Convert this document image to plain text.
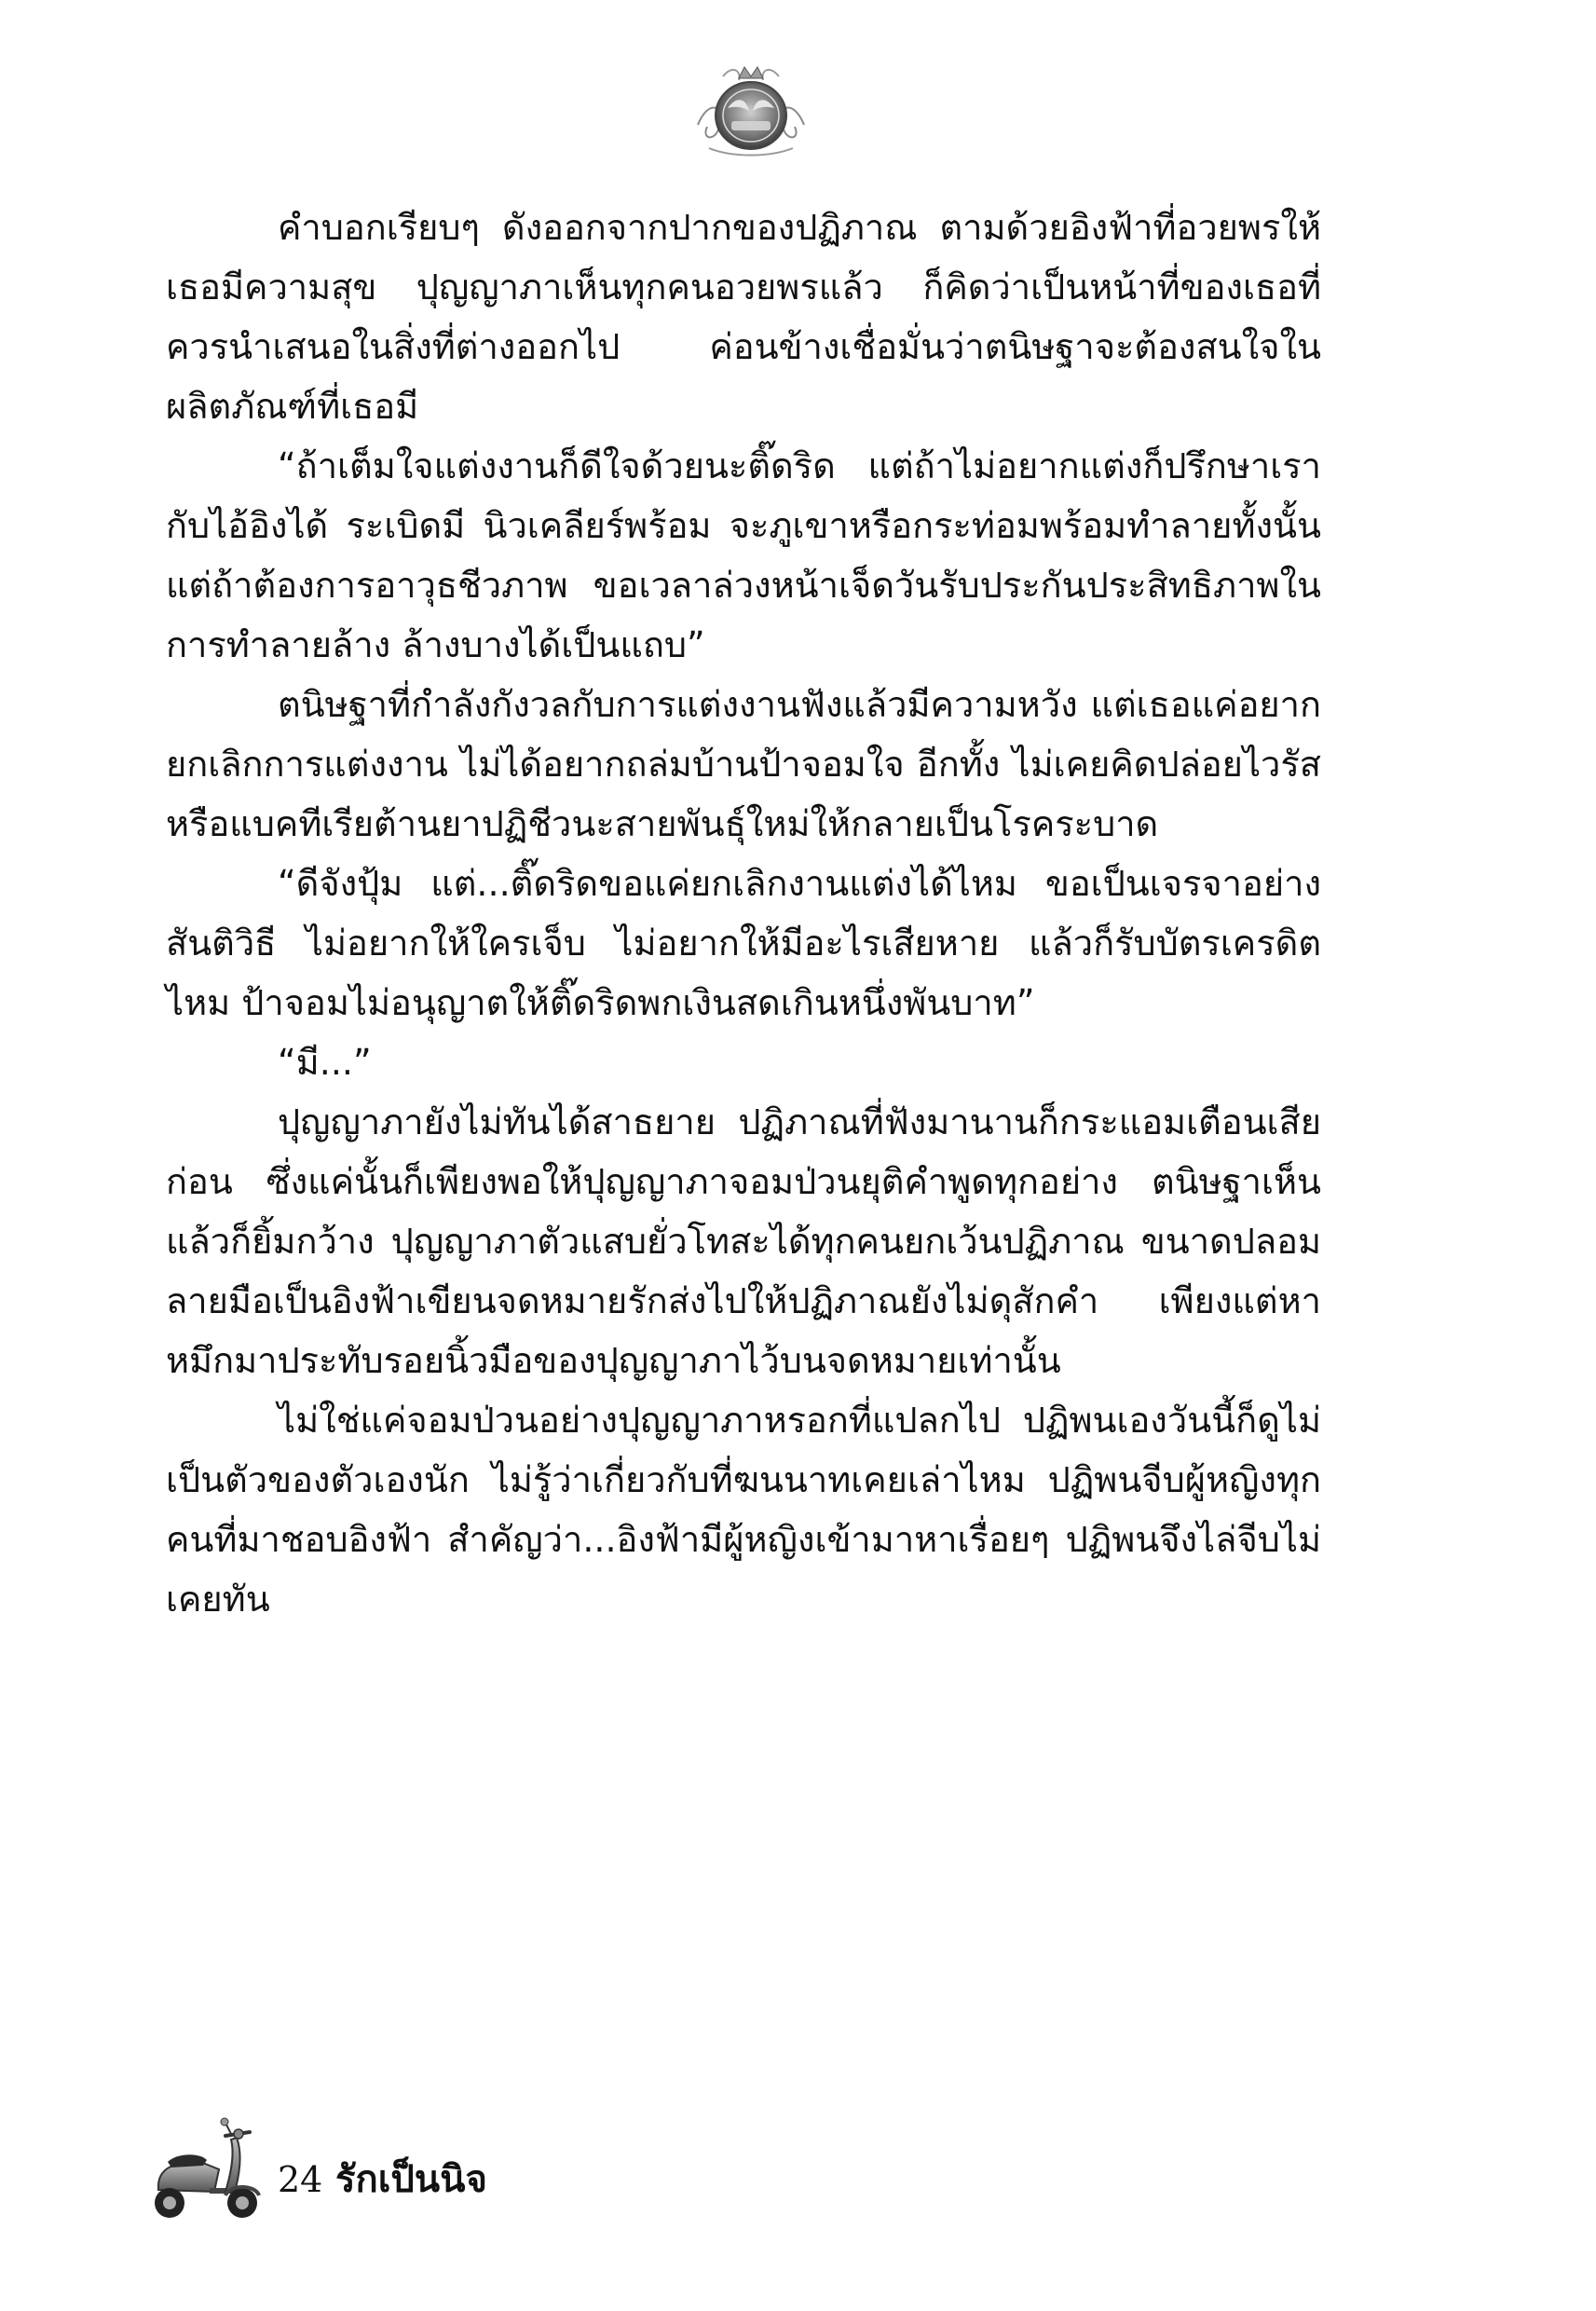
คำบอกเรียบๆ ดังออกจากปากของปฏิภาณ ตามด้วยอิงฟ้าที่อวยพรให้เธอมีความสุข ปุญญาภาเห็นทุกคนอวยพรแล้ว ก็คิดว่าเป็นหน้าที่ของเธอที่ควรนำเสนอในสิ่งที่ต่างออกไป ค่อนข้างเชื่อมั่นว่าตนิษฐาจะต้องสนใจในผลิตภัณฑ์ที่เธอมี

“ถ้าเต็มใจแต่งงานก็ดีใจด้วยนะติ๊ดริด แต่ถ้าไม่อยากแต่งก็ปรึกษาเรากับไอ้อิงได้ ระเบิดมี นิวเคลียร์พร้อม จะภูเขาหรือกระท่อมพร้อมทำลายทั้งนั้น แต่ถ้าต้องการอาวุธชีวภาพ ขอเวลาล่วงหน้าเจ็ดวันรับประกันประสิทธิภาพในการทำลายล้าง ล้างบางได้เป็นแถบ”

ตนิษฐาที่กำลังกังวลกับการแต่งงานฟังแล้วมีความหวัง แต่เธอแค่อยากยกเลิกการแต่งงาน ไม่ได้อยากถล่มบ้านป้าจอมใจ อีกทั้ง ไม่เคยคิดปล่อยไวรัสหรือแบคทีเรียต้านยาปฏิชีวนะสายพันธุ์ใหม่ให้กลายเป็นโรคระบาด

“ดีจังปุ้ม แต่...ติ๊ดริดขอแค่ยกเลิกงานแต่งได้ไหม ขอเป็นเจรจาอย่างสันติวิธี ไม่อยากให้ใครเจ็บ ไม่อยากให้มีอะไรเสียหาย แล้วก็รับบัตรเครดิตไหม ป้าจอมไม่อนุญาตให้ติ๊ดริดพกเงินสดเกินหนึ่งพันบาท”

“มี...”

ปุญญาภายังไม่ทันได้สาธยาย ปฏิภาณที่ฟังมานานก็กระแอมเตือนเสียก่อน ซึ่งแค่นั้นก็เพียงพอให้ปุญญาภาจอมป่วนยุติคำพูดทุกอย่าง ตนิษฐาเห็นแล้วก็ยิ้มกว้าง ปุญญาภาตัวแสบยั่วโทสะได้ทุกคนยกเว้นปฏิภาณ ขนาดปลอมลายมือเป็นอิงฟ้าเขียนจดหมายรักส่งไปให้ปฏิภาณยังไม่ดุสักคำ เพียงแต่หาหมึกมาประทับรอยนิ้วมือของปุญญาภาไว้บนจดหมายเท่านั้น

ไม่ใช่แค่จอมป่วนอย่างปุญญาภาหรอกที่แปลกไป ปฏิพนเองวันนี้ก็ดูไม่เป็นตัวของตัวเองนัก ไม่รู้ว่าเกี่ยวกับที่ฆนนาทเคยเล่าไหม ปฏิพนจีบผู้หญิงทุกคนที่มาชอบอิงฟ้า สำคัญว่า...อิงฟ้ามีผู้หญิงเข้ามาหาเรื่อยๆ ปฏิพนจึงไล่จีบไม่เคยทัน

24 รักเป็นนิจ
